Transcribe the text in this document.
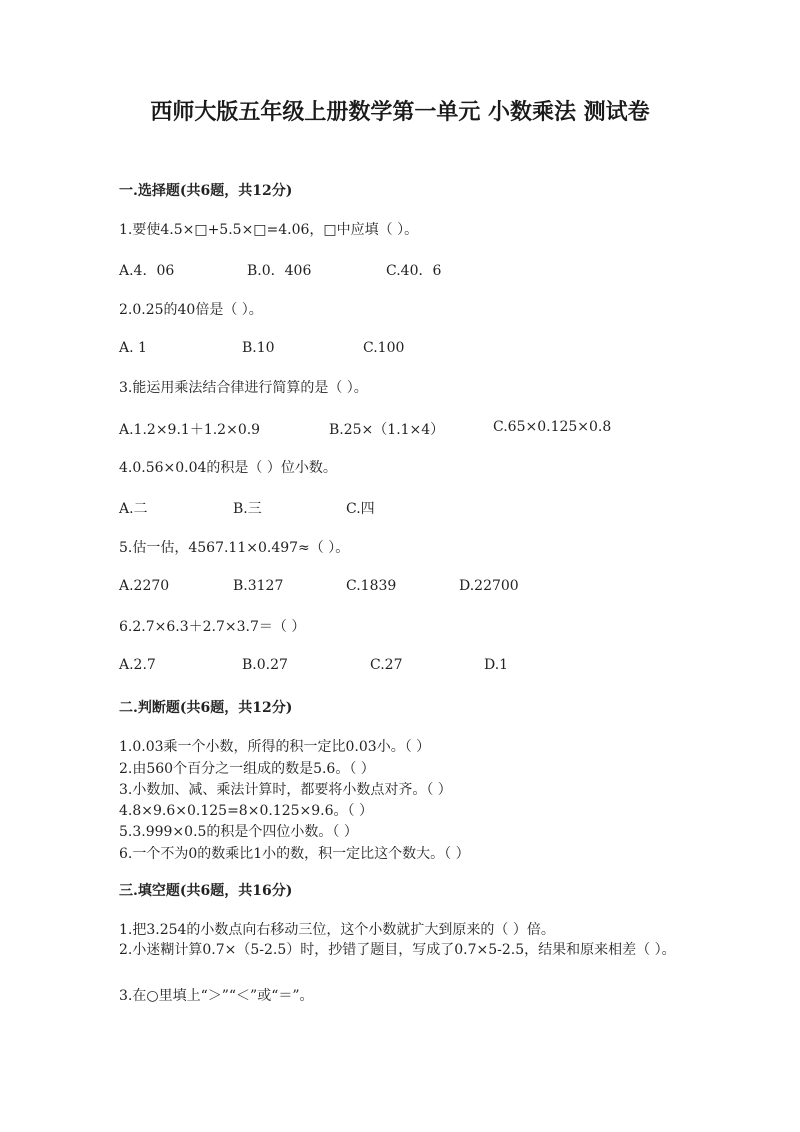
西师大版五年级上册数学第一单元 小数乘法 测试卷
一.选择题(共6题，共12分)
1.要使4.5×□+5.5×□=4.06，□中应填（ ）。
A.4．06	B.0．406	C.40．6
2.0.25的40倍是（ ）。
A. 1	B.10	C.100
3.能运用乘法结合律进行简算的是（ ）。
A.1.2×9.1＋1.2×0.9	B.25×（1.1×4）	C.65×0.125×0.8
4.0.56×0.04的积是（ ）位小数。
A.二	B.三	C.四
5.估一估，4567.11×0.497≈（ ）。
A.2270	B.3127	C.1839	D.22700
6.2.7×6.3＋2.7×3.7＝（ ）
A.2.7	B.0.27	C.27	D.1
二.判断题(共6题，共12分)
1.0.03乘一个小数，所得的积一定比0.03小。（ ）
2.由560个百分之一组成的数是5.6。（ ）
3.小数加、减、乘法计算时，都要将小数点对齐。（ ）
4.8×9.6×0.125=8×0.125×9.6。（ ）
5.3.999×0.5的积是个四位小数。（ ）
6.一个不为0的数乘比1小的数，积一定比这个数大。（ ）
三.填空题(共6题，共16分)
1.把3.254的小数点向右移动三位，这个小数就扩大到原来的（ ）倍。
2.小迷糊计算0.7×（5-2.5）时，抄错了题目，写成了0.7×5-2.5，结果和原来相差（ ）。
3.在○里填上“＞”“＜”或“＝”。
